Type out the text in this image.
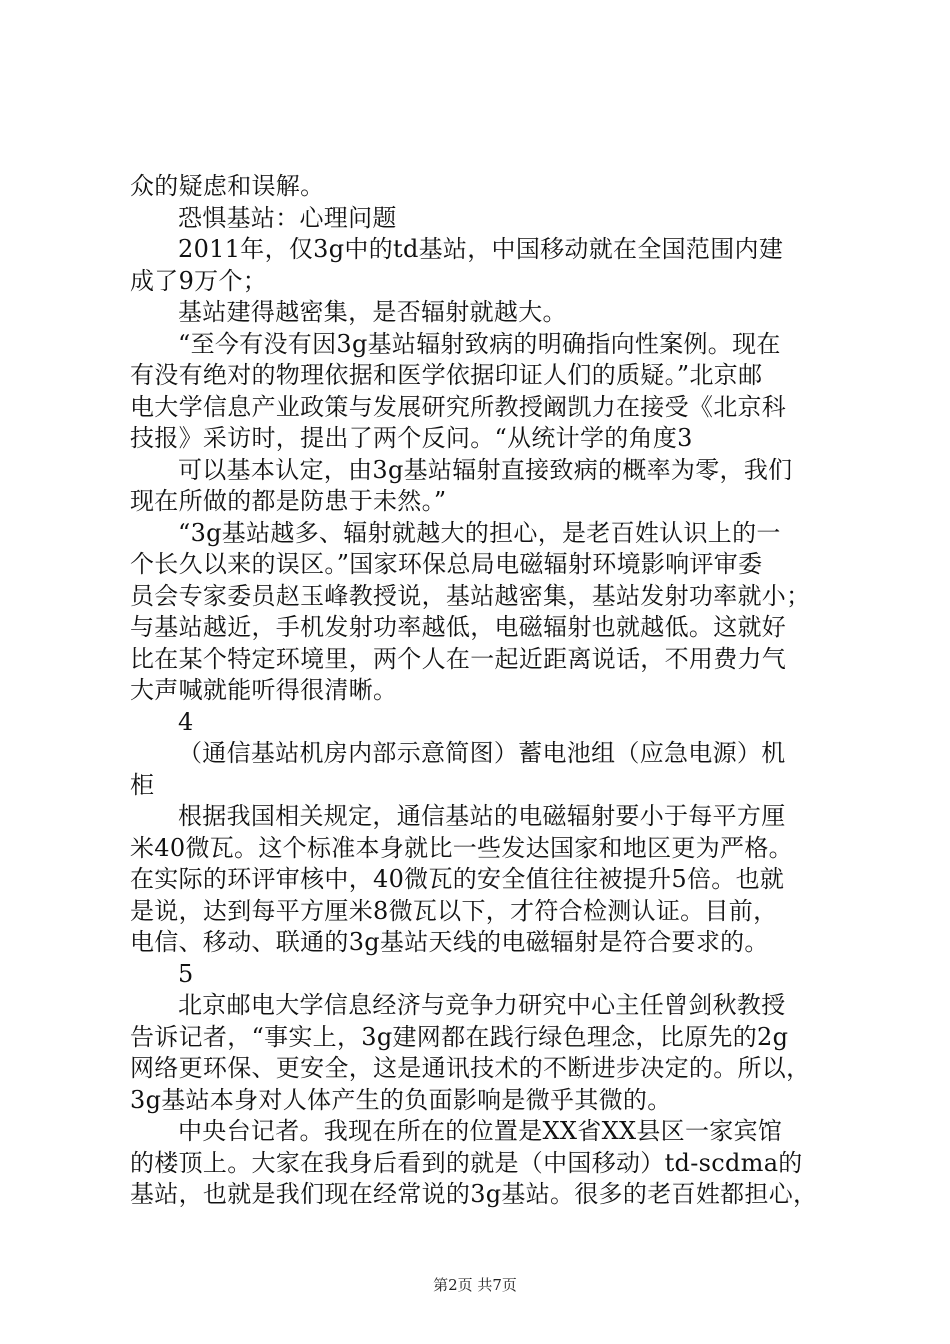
众的疑虑和误解。
恐惧基站：心理问题
2011年，仅3g中的td基站，中国移动就在全国范围内建
成了9万个；
基站建得越密集，是否辐射就越大。
“至今有没有因3g基站辐射致病的明确指向性案例。现在
有没有绝对的物理依据和医学依据印证人们的质疑。”北京邮
电大学信息产业政策与发展研究所教授阚凯力在接受《北京科
技报》采访时，提出了两个反问。“从统计学的角度3
可以基本认定，由3g基站辐射直接致病的概率为零，我们
现在所做的都是防患于未然。”
“3g基站越多、辐射就越大的担心，是老百姓认识上的一
个长久以来的误区。”国家环保总局电磁辐射环境影响评审委
员会专家委员赵玉峰教授说，基站越密集，基站发射功率就小；
与基站越近，手机发射功率越低，电磁辐射也就越低。这就好
比在某个特定环境里，两个人在一起近距离说话，不用费力气
大声喊就能听得很清晰。
4
（通信基站机房内部示意简图）蓄电池组（应急电源）机
柜
根据我国相关规定，通信基站的电磁辐射要小于每平方厘
米40微瓦。这个标准本身就比一些发达国家和地区更为严格。
在实际的环评审核中，40微瓦的安全值往往被提升5倍。也就
是说，达到每平方厘米8微瓦以下，才符合检测认证。目前，
电信、移动、联通的3g基站天线的电磁辐射是符合要求的。
5
北京邮电大学信息经济与竞争力研究中心主任曾剑秋教授
告诉记者，“事实上，3g建网都在践行绿色理念，比原先的2g
网络更环保、更安全，这是通讯技术的不断进步决定的。所以，
3g基站本身对人体产生的负面影响是微乎其微的。
中央台记者。我现在所在的位置是XX省XX县区一家宾馆
的楼顶上。大家在我身后看到的就是（中国移动）td-scdma的
基站，也就是我们现在经常说的3g基站。很多的老百姓都担心，
第2页 共7页
